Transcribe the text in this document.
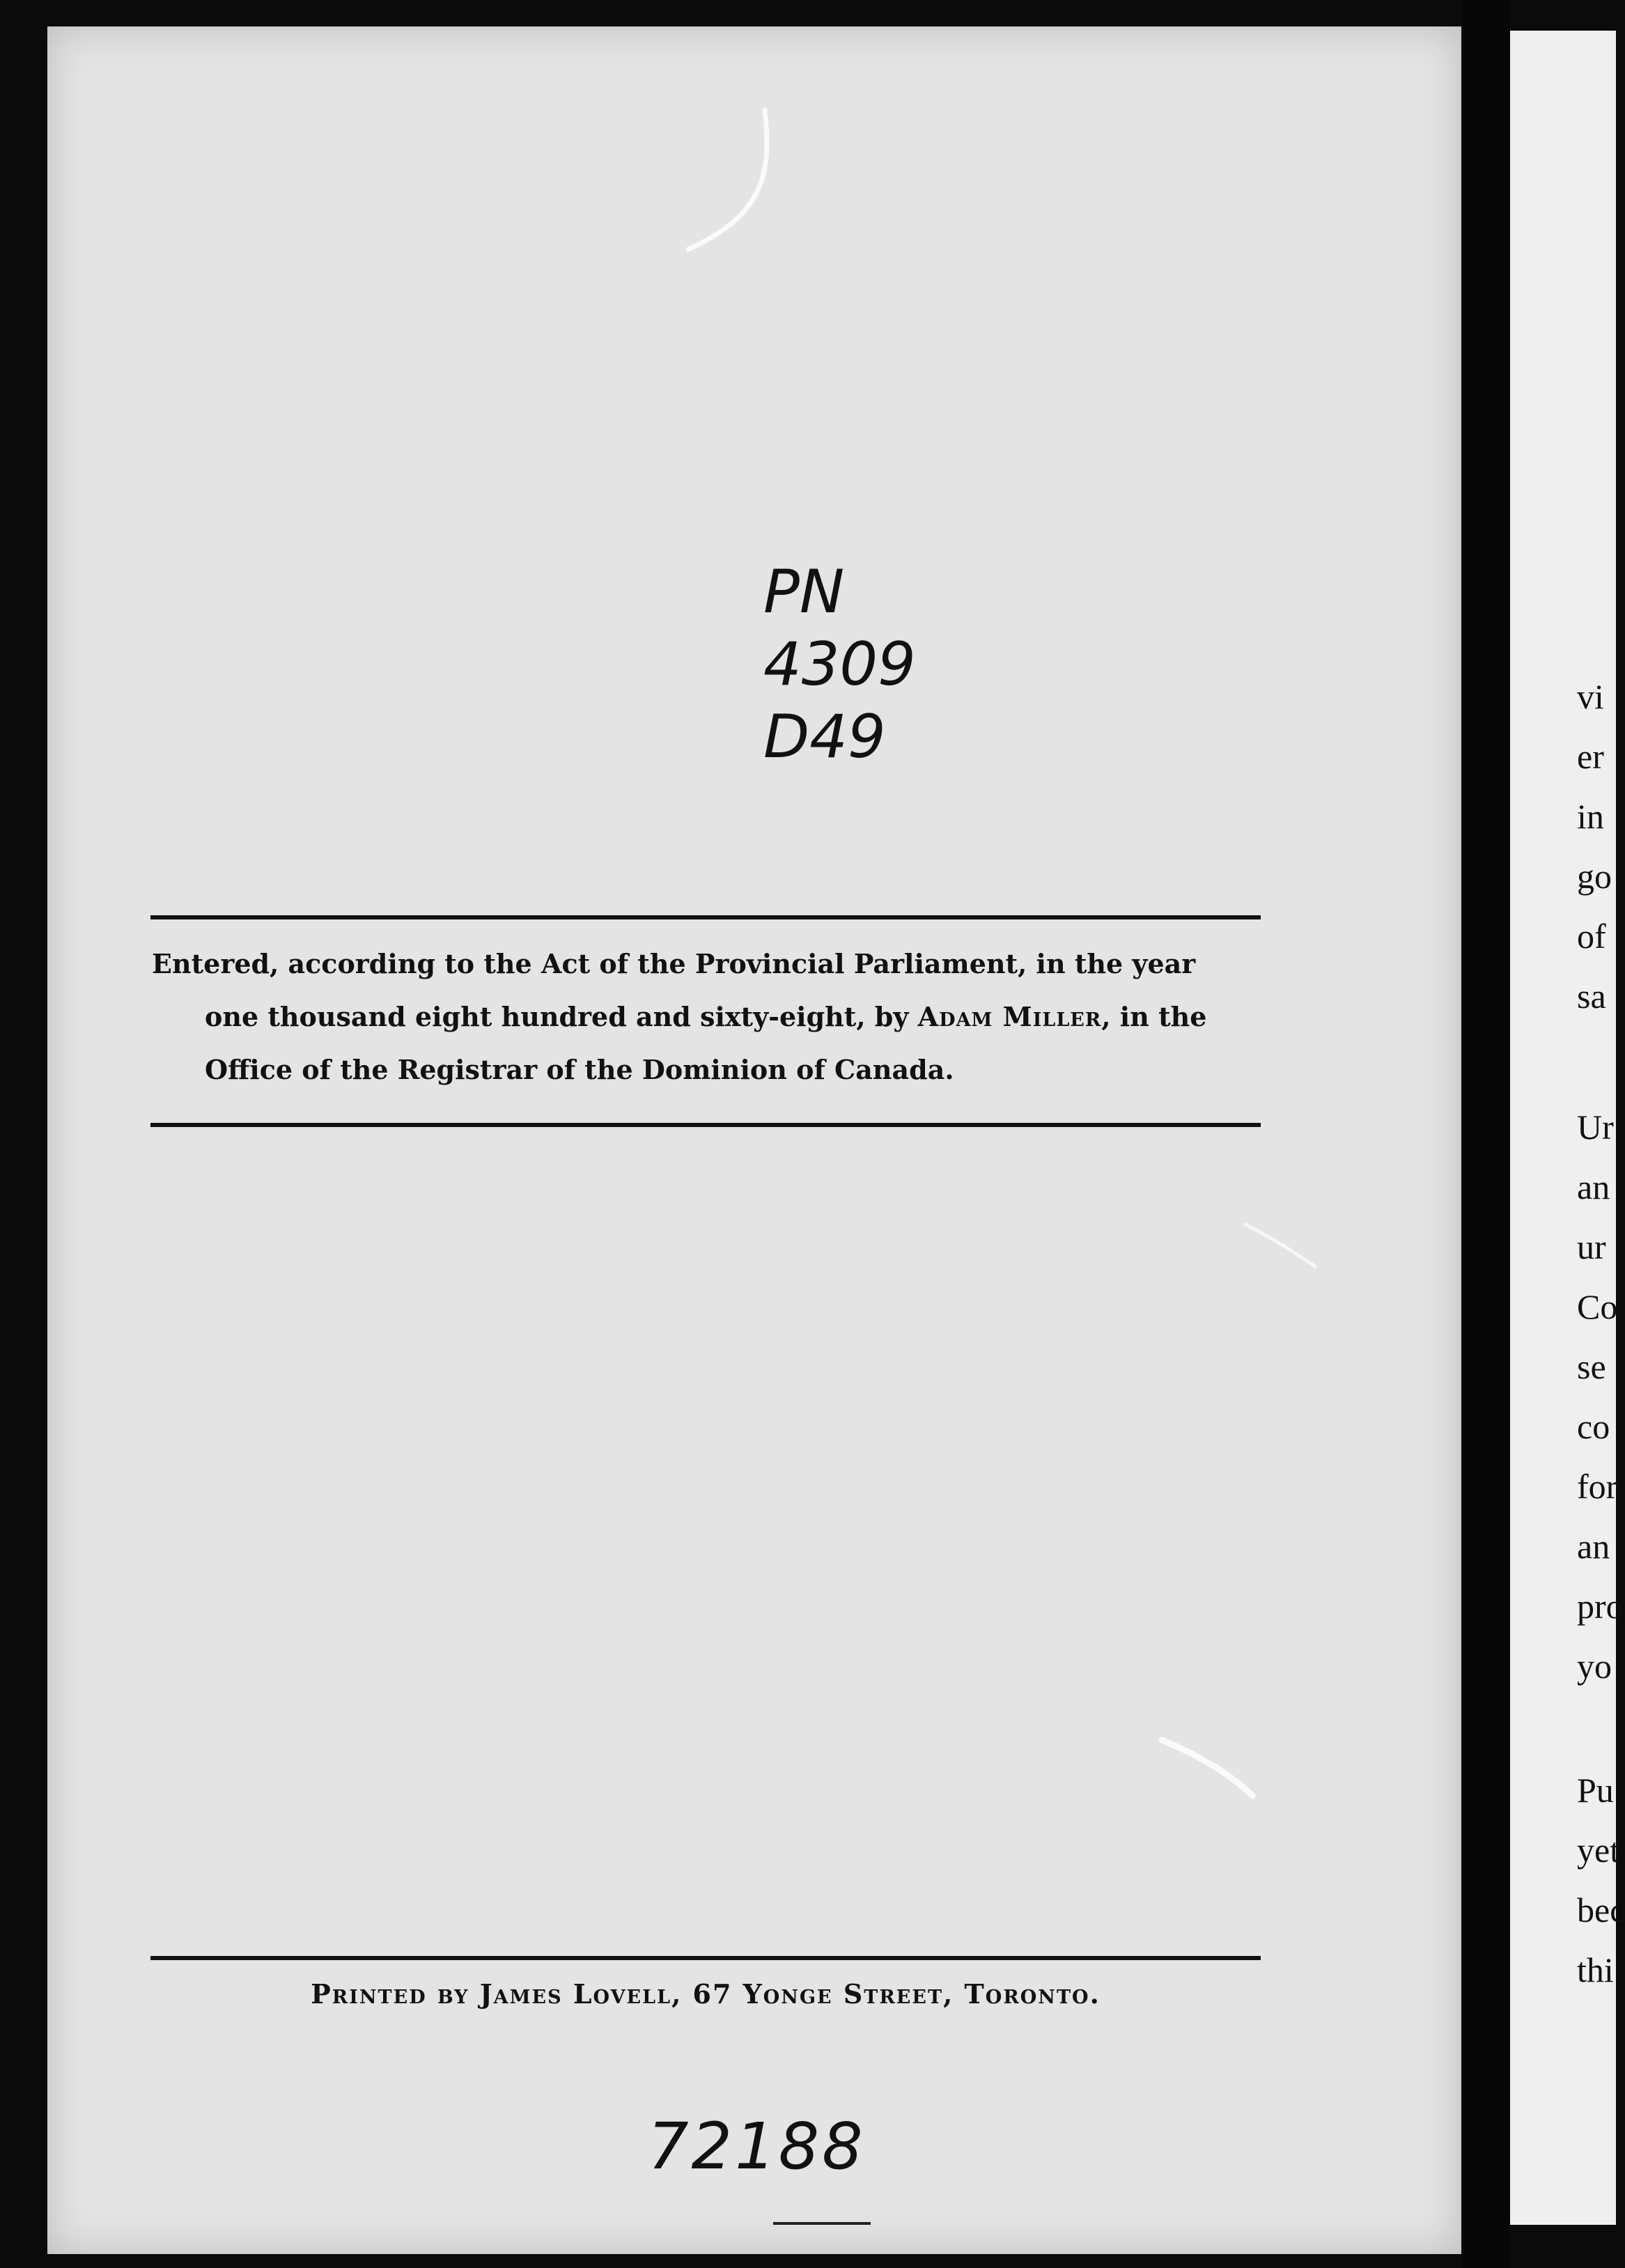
PN
4309
D49
Entered, according to the Act of the Provincial Parliament, in the year
one thousand eight hundred and sixty-eight, by Adam Miller, in the
Office of the Registrar of the Dominion of Canada.
Printed by James Lovell, 67 Yonge Street, Toronto.
72188
vi
er
in
go
of
sa
Ur
an
ur
Co
se
co
for
an
pro
yo
Pu
yet
bec
thi
